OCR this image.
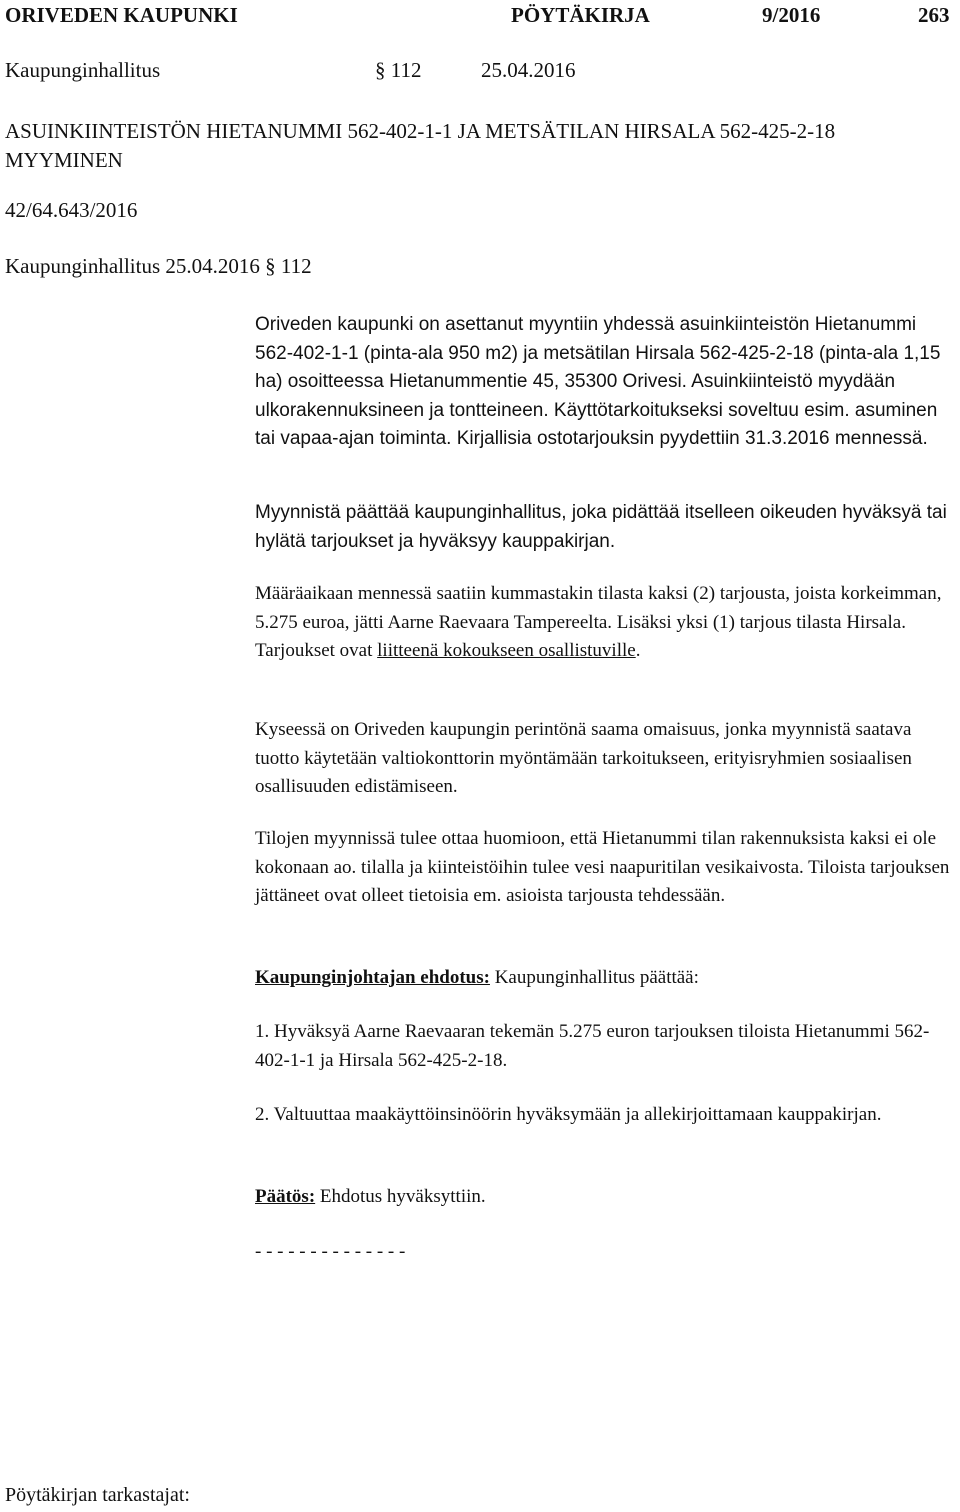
ORIVEDEN KAUPUNKI	PÖYTÄKIRJA	9/2016	263
Kaupunginhallitus	§ 112	25.04.2016
ASUINKIINTEISTÖN HIETANUMMI 562-402-1-1 JA METSÄTILAN HIRSALA 562-425-2-18 MYYMINEN
42/64.643/2016
Kaupunginhallitus 25.04.2016 § 112

Oriveden kaupunki on asettanut myyntiin yhdessä asuinkiinteistön Hietanummi 562-402-1-1 (pinta-ala 950 m2) ja metsätilan Hirsala 562-425-2-18 (pinta-ala 1,15 ha) osoitteessa Hietanummentie 45, 35300 Orivesi. Asuinkiinteistö myydään ulkorakennuksineen ja tontteineen. Käyttötarkoitukseksi soveltuu esim. asuminen tai vapaa-ajan toiminta. Kirjallisia ostotarjouksin pyydettiin 31.3.2016 mennessä.

Myynnistä päättää kaupunginhallitus, joka pidättää itselleen oikeuden hyväksyä tai hylätä tarjoukset ja hyväksyy kauppakirjan.

Määräaikaan mennessä saatiin kummastakin tilasta kaksi (2) tarjousta, joista korkeimman, 5.275 euroa, jätti Aarne Raevaara Tampereelta. Lisäksi yksi (1) tarjous tilasta Hirsala. Tarjoukset ovat liitteenä kokoukseen osallistuville.

Kyseessä on Oriveden kaupungin perintönä saama omaisuus, jonka myynnistä saatava tuotto käytetään valtiokonttorin myöntämään tarkoitukseen, erityisryhmien sosiaalisen osallisuuden edistämiseen.

Tilojen myynnissä tulee ottaa huomioon, että Hietanummi tilan rakennuksista kaksi ei ole kokonaan ao. tilalla ja kiinteistöihin tulee vesi naapuritilan vesikaivosta. Tiloista tarjouksen jättäneet ovat olleet tietoisia em. asioista tarjousta tehdessään.

Kaupunginjohtajan ehdotus: Kaupunginhallitus päättää:

1. Hyväksyä Aarne Raevaaran tekemän 5.275 euron tarjouksen tiloista Hietanummi 562-402-1-1 ja Hirsala 562-425-2-18.

2. Valtuuttaa maakäyttöinsinöörin hyväksymään ja allekirjoittamaan kauppakirjan.

Päätös: Ehdotus hyväksyttiin.

- - - - - - - - - - - - - -

Pöytäkirjan tarkastajat:
